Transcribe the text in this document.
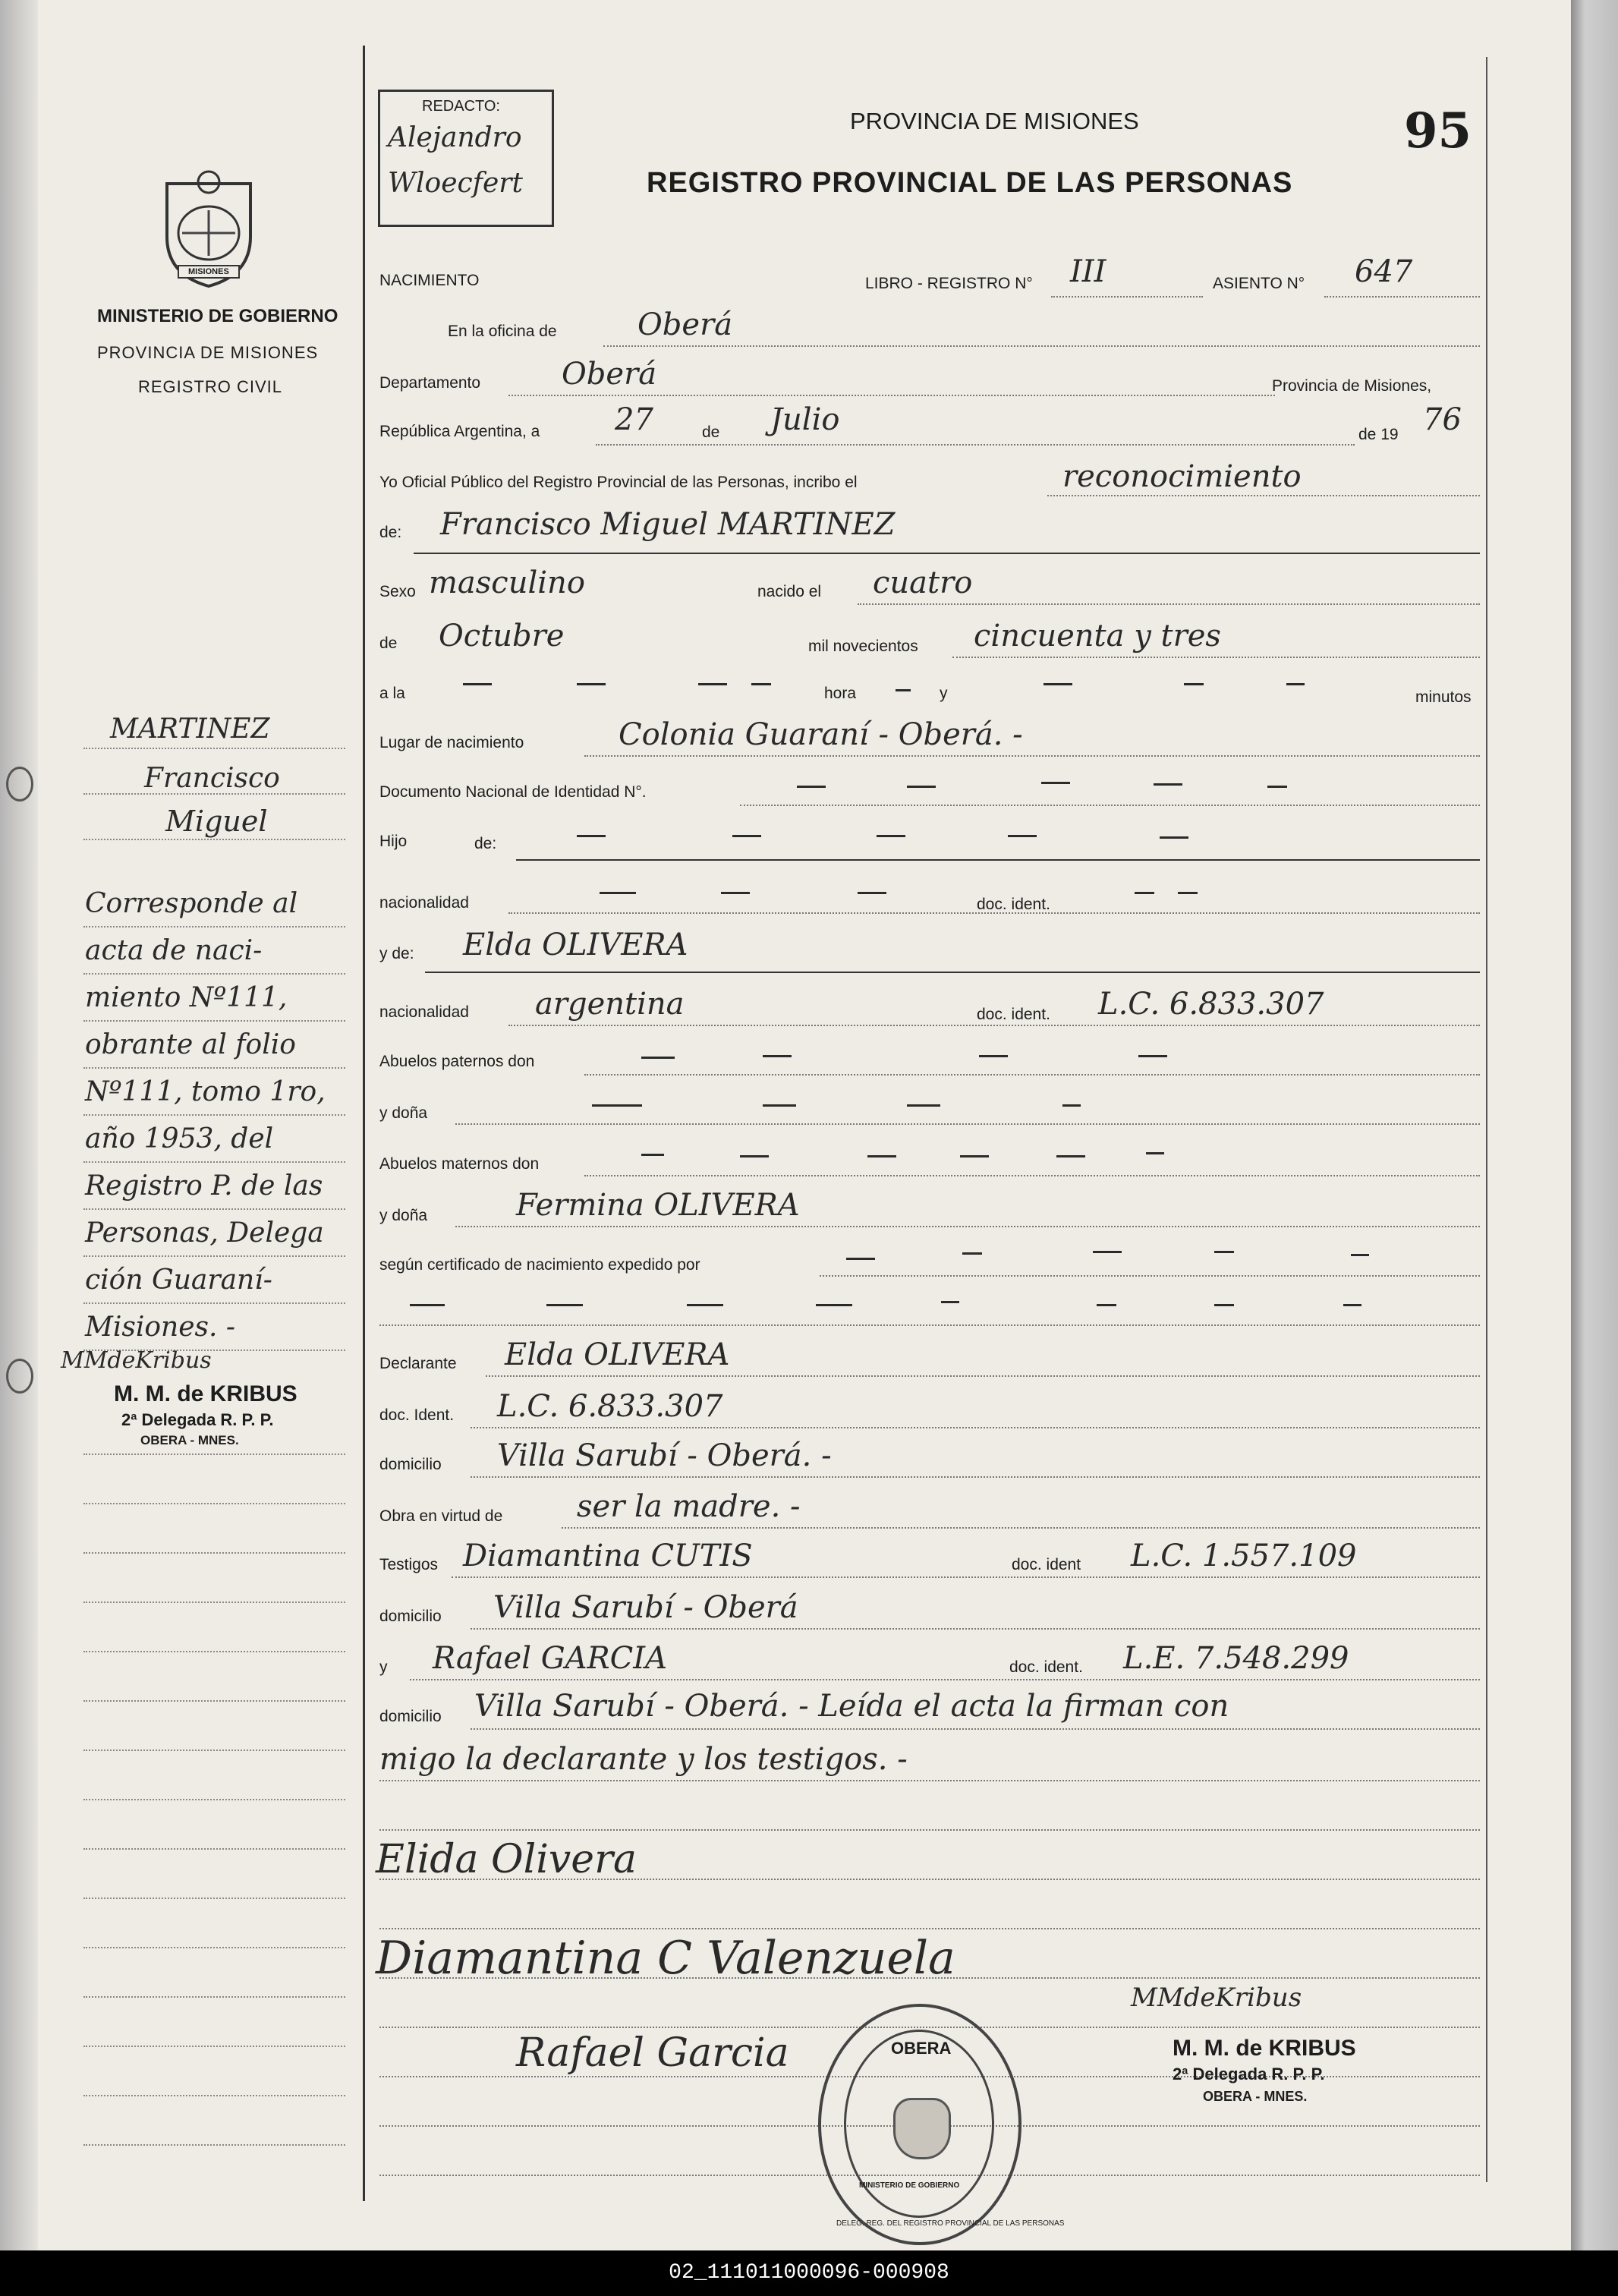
REDACTO:
Alejandro
Wloecfert
PROVINCIA DE MISIONES	95
REGISTRO PROVINCIAL DE LAS PERSONAS
MISIONES
MINISTERIO DE GOBIERNO
PROVINCIA DE MISIONES
REGISTRO CIVIL
NACIMIENTO	LIBRO - REGISTRO N° III	ASIENTO N° 647
En la oficina de	Oberá
Departamento	Oberá	Provincia de Misiones,
República Argentina, a 27	de Julio	de 19 76
Yo Oficial Público del Registro Provincial de las Personas, incribo el	reconocimiento
de: Francisco Miguel MARTINEZ
Sexo masculino	nacido el cuatro
de Octubre	mil novecientos cincuenta y tres
a la	hora	y	minutos
Lugar de nacimiento	Colonia Guaraní - Oberá. -
Documento Nacional de Identidad N°.
Hijo	de:
nacionalidad	doc. ident.
y de: Elda OLIVERA
nacionalidad argentina	doc. ident. L.C. 6.833.307
Abuelos paternos don
y doña
Abuelos maternos don
y doña	Fermina OLIVERA
según certificado de nacimiento expedido por
Declarante Elda OLIVERA
doc. Ident. L.C. 6.833.307
domicilio Villa Sarubí - Oberá. -
Obra en virtud de ser la madre. -
Testigos Diamantina CUTIS	doc. ident L.C. 1.557.109
domicilio Villa Sarubí - Oberá
y Rafael GARCIA	doc. ident. L.E. 7.548.299
domicilio Villa Sarubí - Oberá. - Leída el acta la firman con
migo la declarante y los testigos. -
Elida Olivera
Diamantina C Valenzuela
Rafael Garcia
MMdeKribus
M. M. de KRIBUS
2ª Delegada R. P. P.
OBERA - MNES.
OBERA
DELEG. REG. DEL REGISTRO PROVINCIAL DE LAS PERSONAS
MINISTERIO DE GOBIERNO
MARTINEZ
Francisco
Miguel
Corresponde al
acta de naci-
miento Nº111,
obrante al folio
Nº111, tomo 1ro,
año 1953, del
Registro P. de las
Personas, Delega
ción Guaraní-
Misiones. -
MMdeKribus
M. M. de KRIBUS
2ª Delegada R. P. P.
OBERA - MNES.
02_111011000096-000908
